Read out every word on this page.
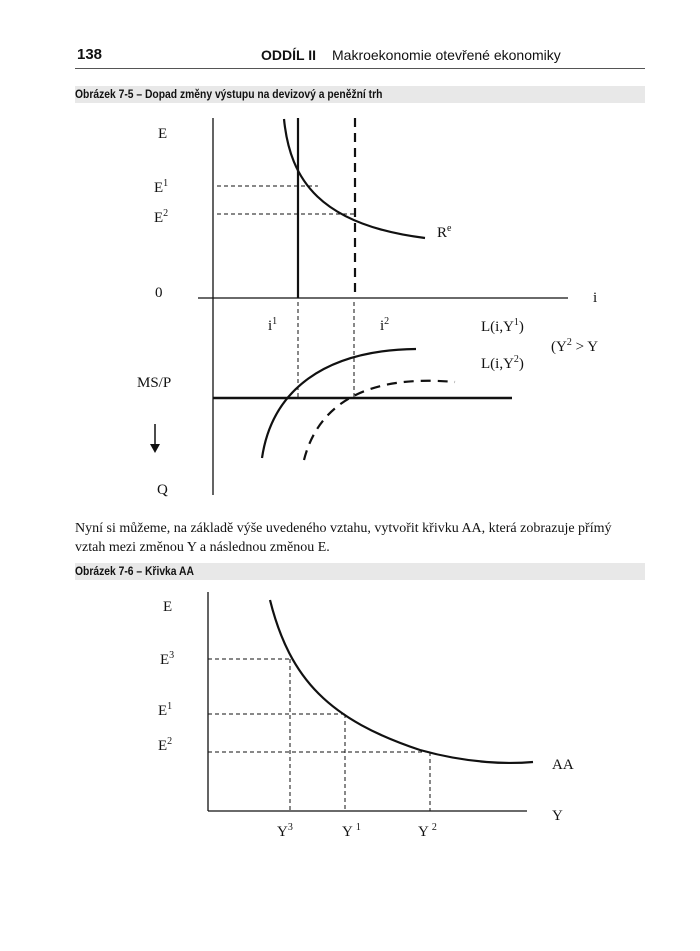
138	ODDÍL II Makroekonomie otevřené ekonomiky
Obrázek 7-5 – Dopad změny výstupu na devizový a peněžní trh
E
$E^1$
$E^2$
$R^e$
0	i
$i^1$	$i^2$	$L(i,Y^1)$
($Y^2 > Y$
$L(i,Y^2)$
MS/P
Q
Nyní si můžeme, na základě výše uvedeného vztahu, vytvořit křivku AA, která zobrazuje přímý
vztah mezi změnou Y a následnou změnou E.
Obrázek 7-6 – Křivka AA
E
$E^3$
$E^1$
$E^2$
AA
Y
$Y^3$	Y $^1$	Y $^2$
